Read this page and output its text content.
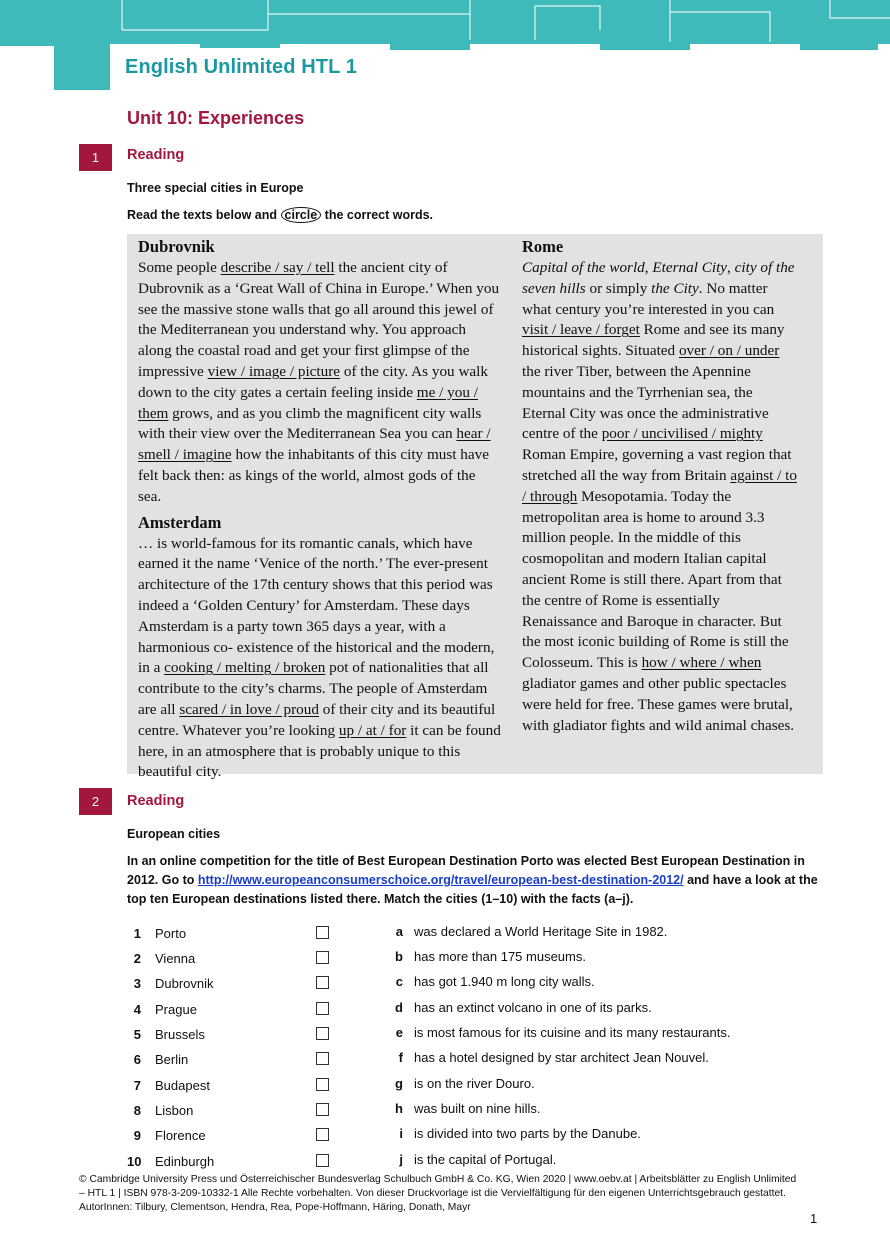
English Unlimited HTL 1
Unit 10: Experiences
1	Reading
Three special cities in Europe
Read the texts below and circle the correct words.
Dubrovnik

Some people describe / say / tell the ancient city of Dubrovnik as a ‘Great Wall of China in Europe.’ When you see the massive stone walls that go all around this jewel of the Mediterranean you understand why. You approach along the coastal road and get your first glimpse of the impressive view / image / picture of the city. As you walk down to the city gates a certain feeling inside me / you / them grows, and as you climb the magnificent city walls with their view over the Mediterranean Sea you can hear / smell / imagine how the inhabitants of this city must have felt back then: as kings of the world, almost gods of the sea.

Amsterdam

… is world-famous for its romantic canals, which have earned it the name ‘Venice of the north.’ The ever-present architecture of the 17th century shows that this period was indeed a ‘Golden Century’ for Amsterdam. These days Amsterdam is a party town 365 days a year, with a harmonious co- existence of the historical and the modern, in a cooking / melting / broken pot of nationalities that all contribute to the city’s charms. The people of Amsterdam are all scared / in love / proud of their city and its beautiful centre. Whatever you’re looking up / at / for it can be found here, in an atmosphere that is probably unique to this beautiful city.

Rome

Capital of the world, Eternal City, city of the seven hills or simply the City. No matter what century you’re interested in you can visit / leave / forget Rome and see its many historical sights. Situated over / on / under the river Tiber, between the Apennine mountains and the Tyrrhenian sea, the Eternal City was once the administrative centre of the poor / uncivilised / mighty Roman Empire, governing a vast region that stretched all the way from Britain against / to / through Mesopotamia. Today the metropolitan area is home to around 3.3 million people. In the middle of this cosmopolitan and modern Italian capital ancient Rome is still there. Apart from that the centre of Rome is essentially Renaissance and Baroque in character. But the most iconic building of Rome is still the Colosseum. This is how / where / when gladiator games and other public spectacles were held for free. These games were brutal, with gladiator fights and wild animal chases.

2	Reading
European cities
In an online competition for the title of Best European Destination Porto was elected Best European Destination in 2012. Go to http://www.europeanconsumerschoice.org/travel/european-best-destination-2012/ and have a look at the top ten European destinations listed there. Match the cities (1–10) with the facts (a–j).
1 Porto	a was declared a World Heritage Site in 1982.
2 Vienna	b has more than 175 museums.
3 Dubrovnik	c has got 1.940 m long city walls.
4 Prague	d has an extinct volcano in one of its parks.
5 Brussels	e is most famous for its cuisine and its many restaurants.
6 Berlin	f has a hotel designed by star architect Jean Nouvel.
7 Budapest	g is on the river Douro.
8 Lisbon	h was built on nine hills.
9 Florence	i is divided into two parts by the Danube.
10 Edinburgh	j is the capital of Portugal.
© Cambridge University Press und Österreichischer Bundesverlag Schulbuch GmbH & Co. KG, Wien 2020 | www.oebv.at | Arbeitsblätter zu English Unlimited – HTL 1 | ISBN 978-3-209-10332-1 Alle Rechte vorbehalten. Von dieser Druckvorlage ist die Vervielfältigung für den eigenen Unterrichtsgebrauch gestattet.
AutorInnen: Tilbury, Clementson, Hendra, Rea, Pope-Hoffmann, Häring, Donath, Mayr
1
